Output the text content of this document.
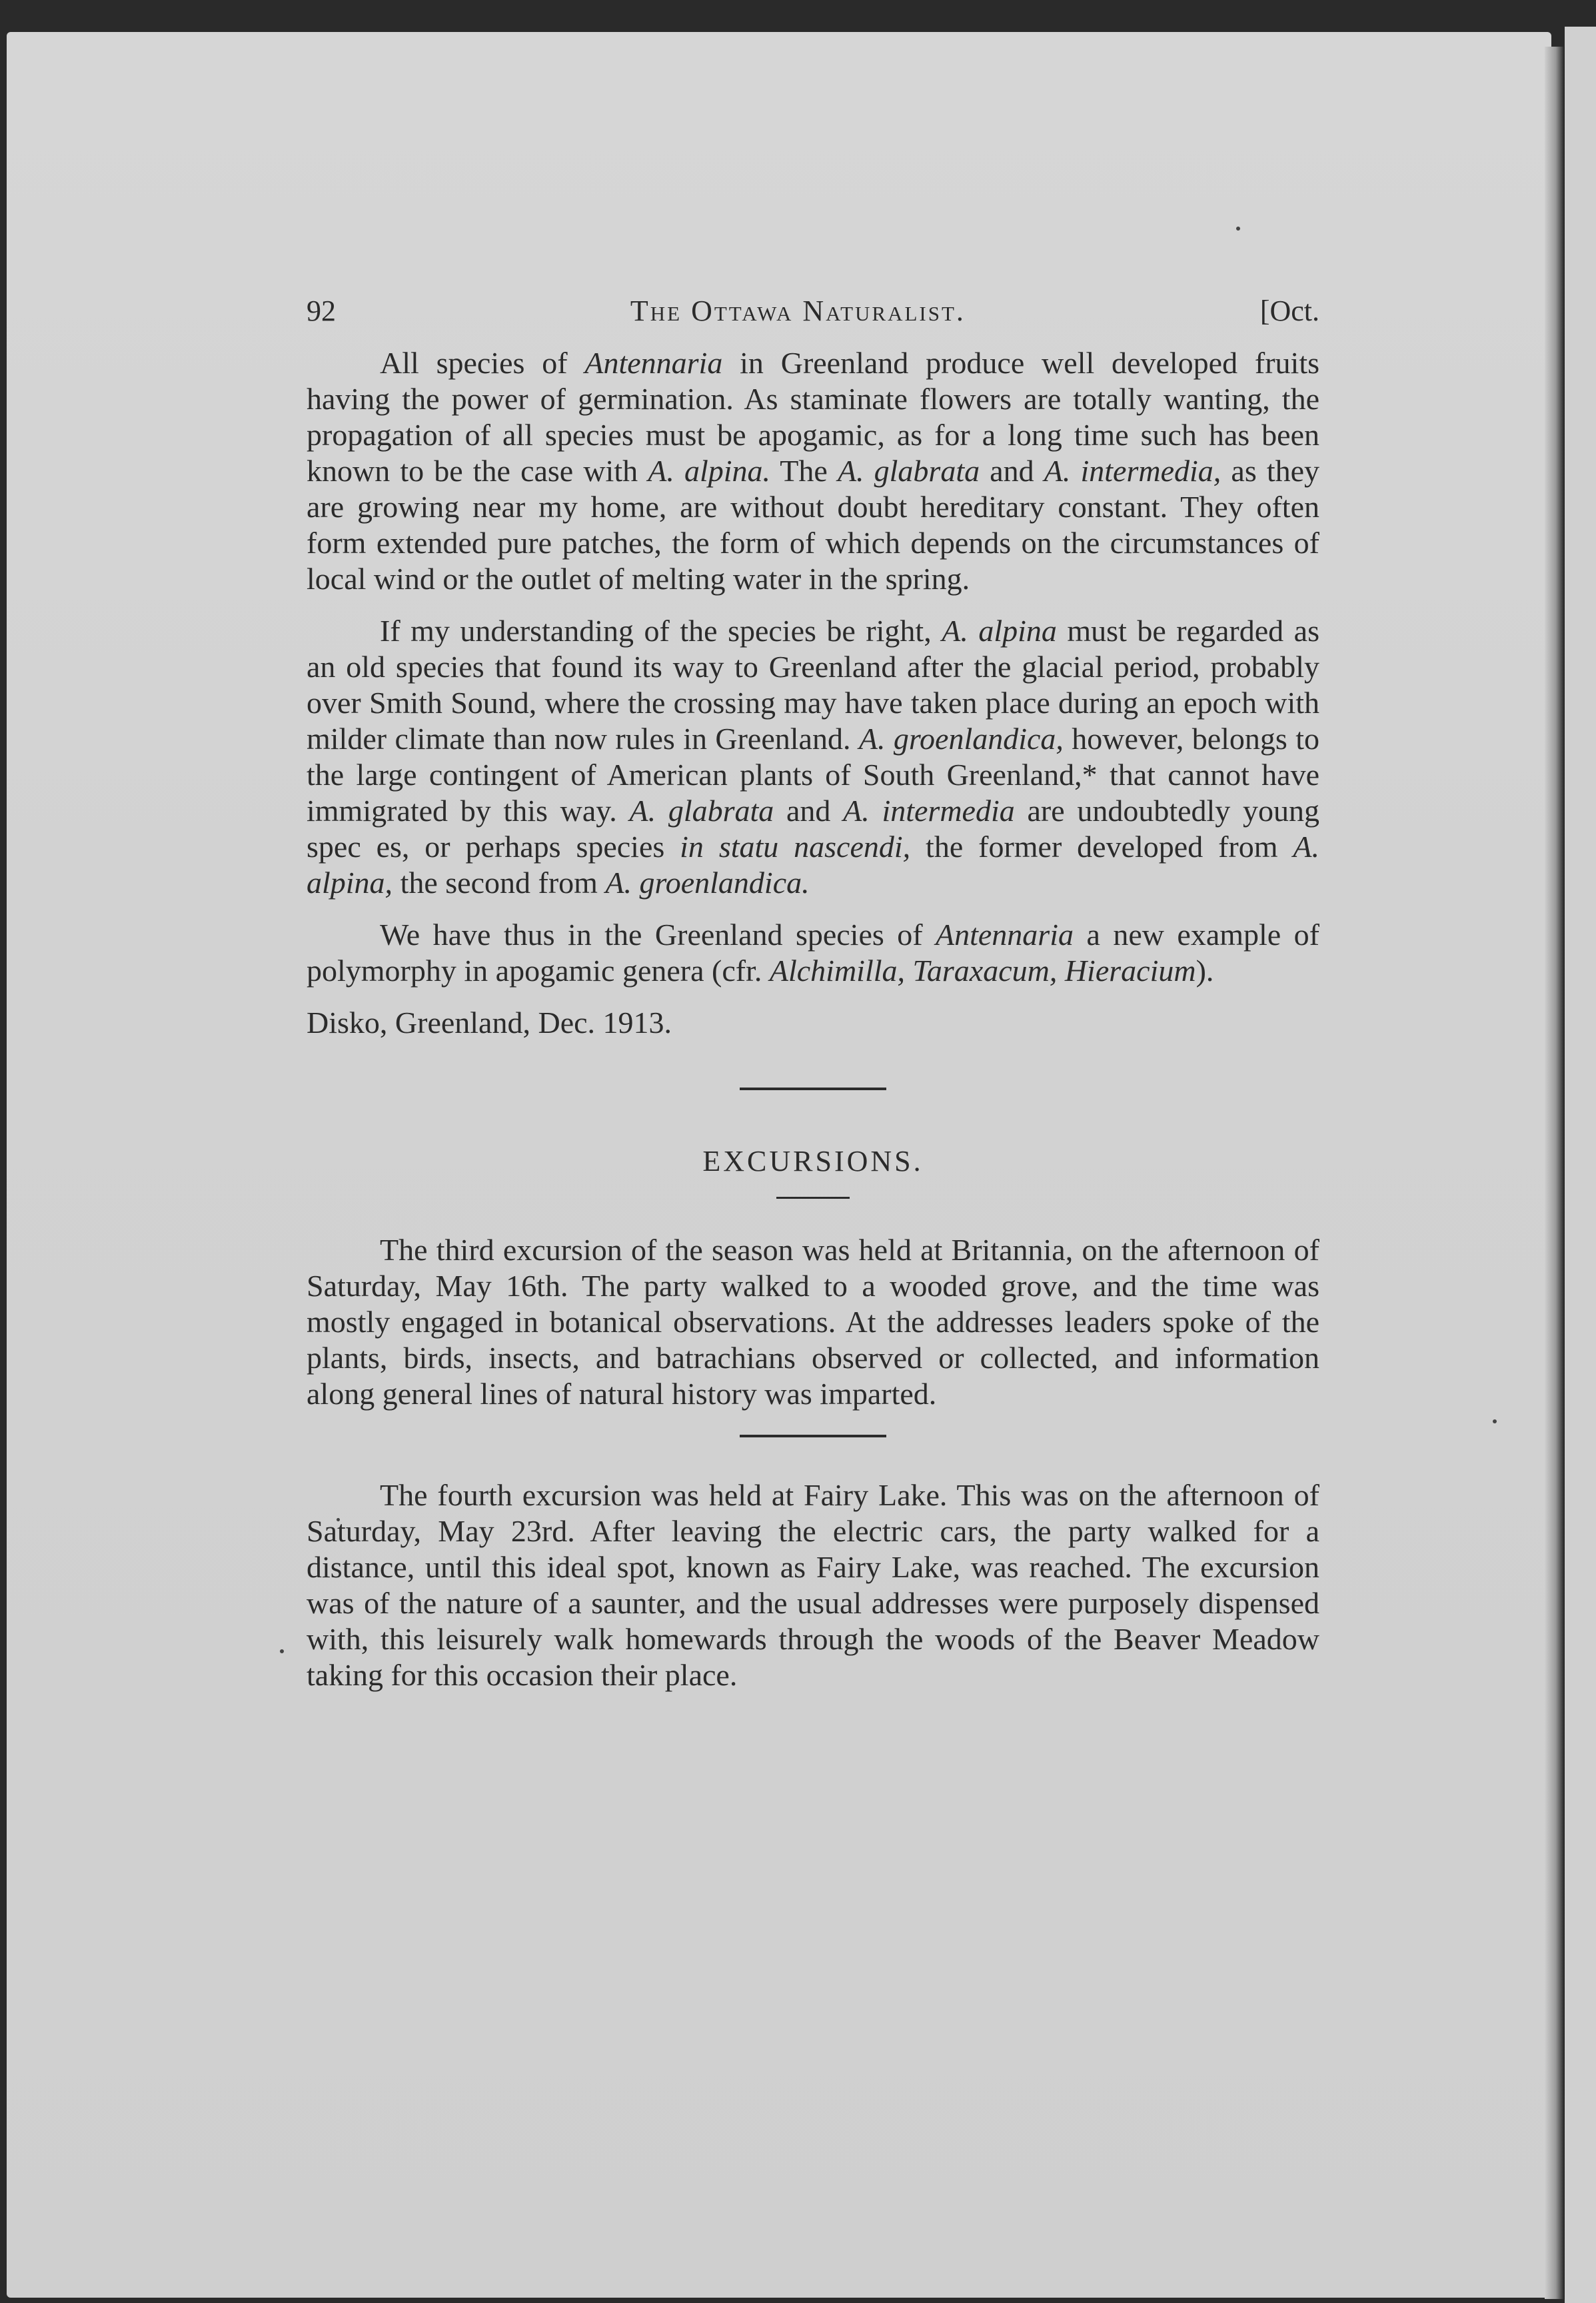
92	The Ottawa Naturalist.	[Oct.

All species of Antennaria in Greenland produce well developed fruits having the power of germination. As staminate flowers are totally wanting, the propagation of all species must be apogamic, as for a long time such has been known to be the case with A. alpina. The A. glabrata and A. intermedia, as they are growing near my home, are without doubt hereditary constant. They often form extended pure patches, the form of which depends on the circumstances of local wind or the outlet of melting water in the spring.

If my understanding of the species be right, A. alpina must be regarded as an old species that found its way to Greenland after the glacial period, probably over Smith Sound, where the crossing may have taken place during an epoch with milder climate than now rules in Greenland. A. groenlandica, however, belongs to the large contingent of American plants of South Greenland,* that cannot have immigrated by this way. A. glabrata and A. intermedia are undoubtedly young spec es, or perhaps species in statu nascendi, the former developed from A. alpina, the second from A. groenlandica.

We have thus in the Greenland species of Antennaria a new example of polymorphy in apogamic genera (cfr. Alchimilla, Taraxacum, Hieracium).

Disko, Greenland, Dec. 1913.

EXCURSIONS.

The third excursion of the season was held at Britannia, on the afternoon of Saturday, May 16th. The party walked to a wooded grove, and the time was mostly engaged in botanical observations. At the addresses leaders spoke of the plants, birds, insects, and batrachians observed or collected, and information along general lines of natural history was imparted.

The fourth excursion was held at Fairy Lake. This was on the afternoon of Saturday, May 23rd. After leaving the electric cars, the party walked for a distance, until this ideal spot, known as Fairy Lake, was reached. The excursion was of the nature of a saunter, and the usual addresses were purposely dispensed with, this leisurely walk homewards through the woods of the Beaver Meadow taking for this occasion their place.
